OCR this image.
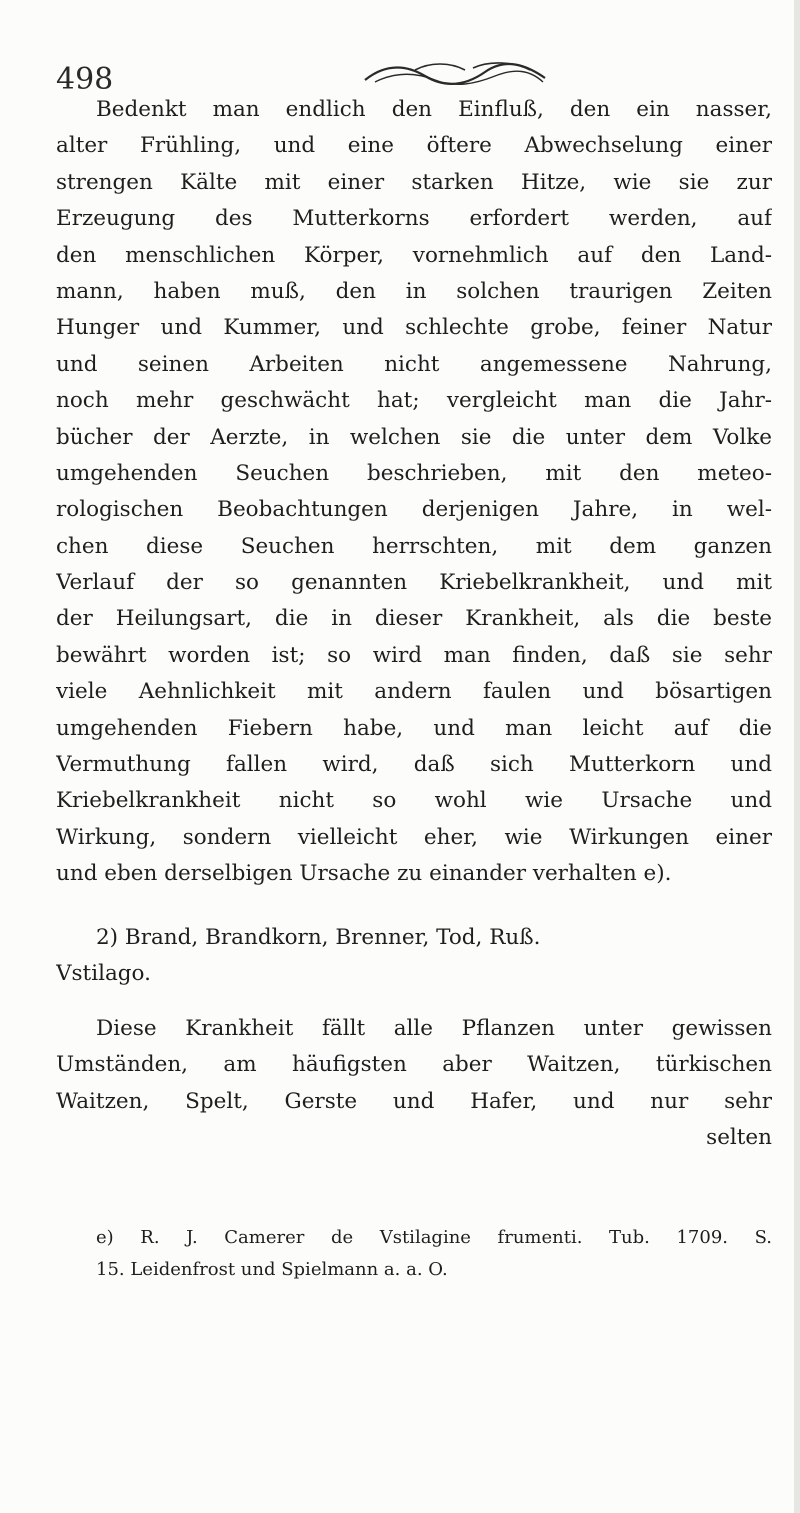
498
Bedenkt man endlich den Einfluß, den ein nasser,
alter Frühling, und eine öftere Abwechselung einer
strengen Kälte mit einer starken Hitze, wie sie zur
Erzeugung des Mutterkorns erfordert werden, auf
den menschlichen Körper, vornehmlich auf den Land-
mann, haben muß, den in solchen traurigen Zeiten
Hunger und Kummer, und schlechte grobe, feiner Natur
und seinen Arbeiten nicht angemessene Nahrung,
noch mehr geschwächt hat; vergleicht man die Jahr-
bücher der Aerzte, in welchen sie die unter dem Volke
umgehenden Seuchen beschrieben, mit den meteo-
rologischen Beobachtungen derjenigen Jahre, in wel-
chen diese Seuchen herrschten, mit dem ganzen
Verlauf der so genannten Kriebelkrankheit, und mit
der Heilungsart, die in dieser Krankheit, als die beste
bewährt worden ist; so wird man finden, daß sie sehr
viele Aehnlichkeit mit andern faulen und bösartigen
umgehenden Fiebern habe, und man leicht auf die
Vermuthung fallen wird, daß sich Mutterkorn und
Kriebelkrankheit nicht so wohl wie Ursache und
Wirkung, sondern vielleicht eher, wie Wirkungen einer
und eben derselbigen Ursache zu einander verhalten e).
2) Brand, Brandkorn, Brenner, Tod, Ruß.
Vstilago.
Diese Krankheit fällt alle Pflanzen unter gewissen
Umständen, am häufigsten aber Waitzen, türkischen
Waitzen, Spelt, Gerste und Hafer, und nur sehr
selten
e) R. J. Camerer de Vstilagine frumenti. Tub. 1709. S.
15. Leidenfrost und Spielmann a. a. O.
